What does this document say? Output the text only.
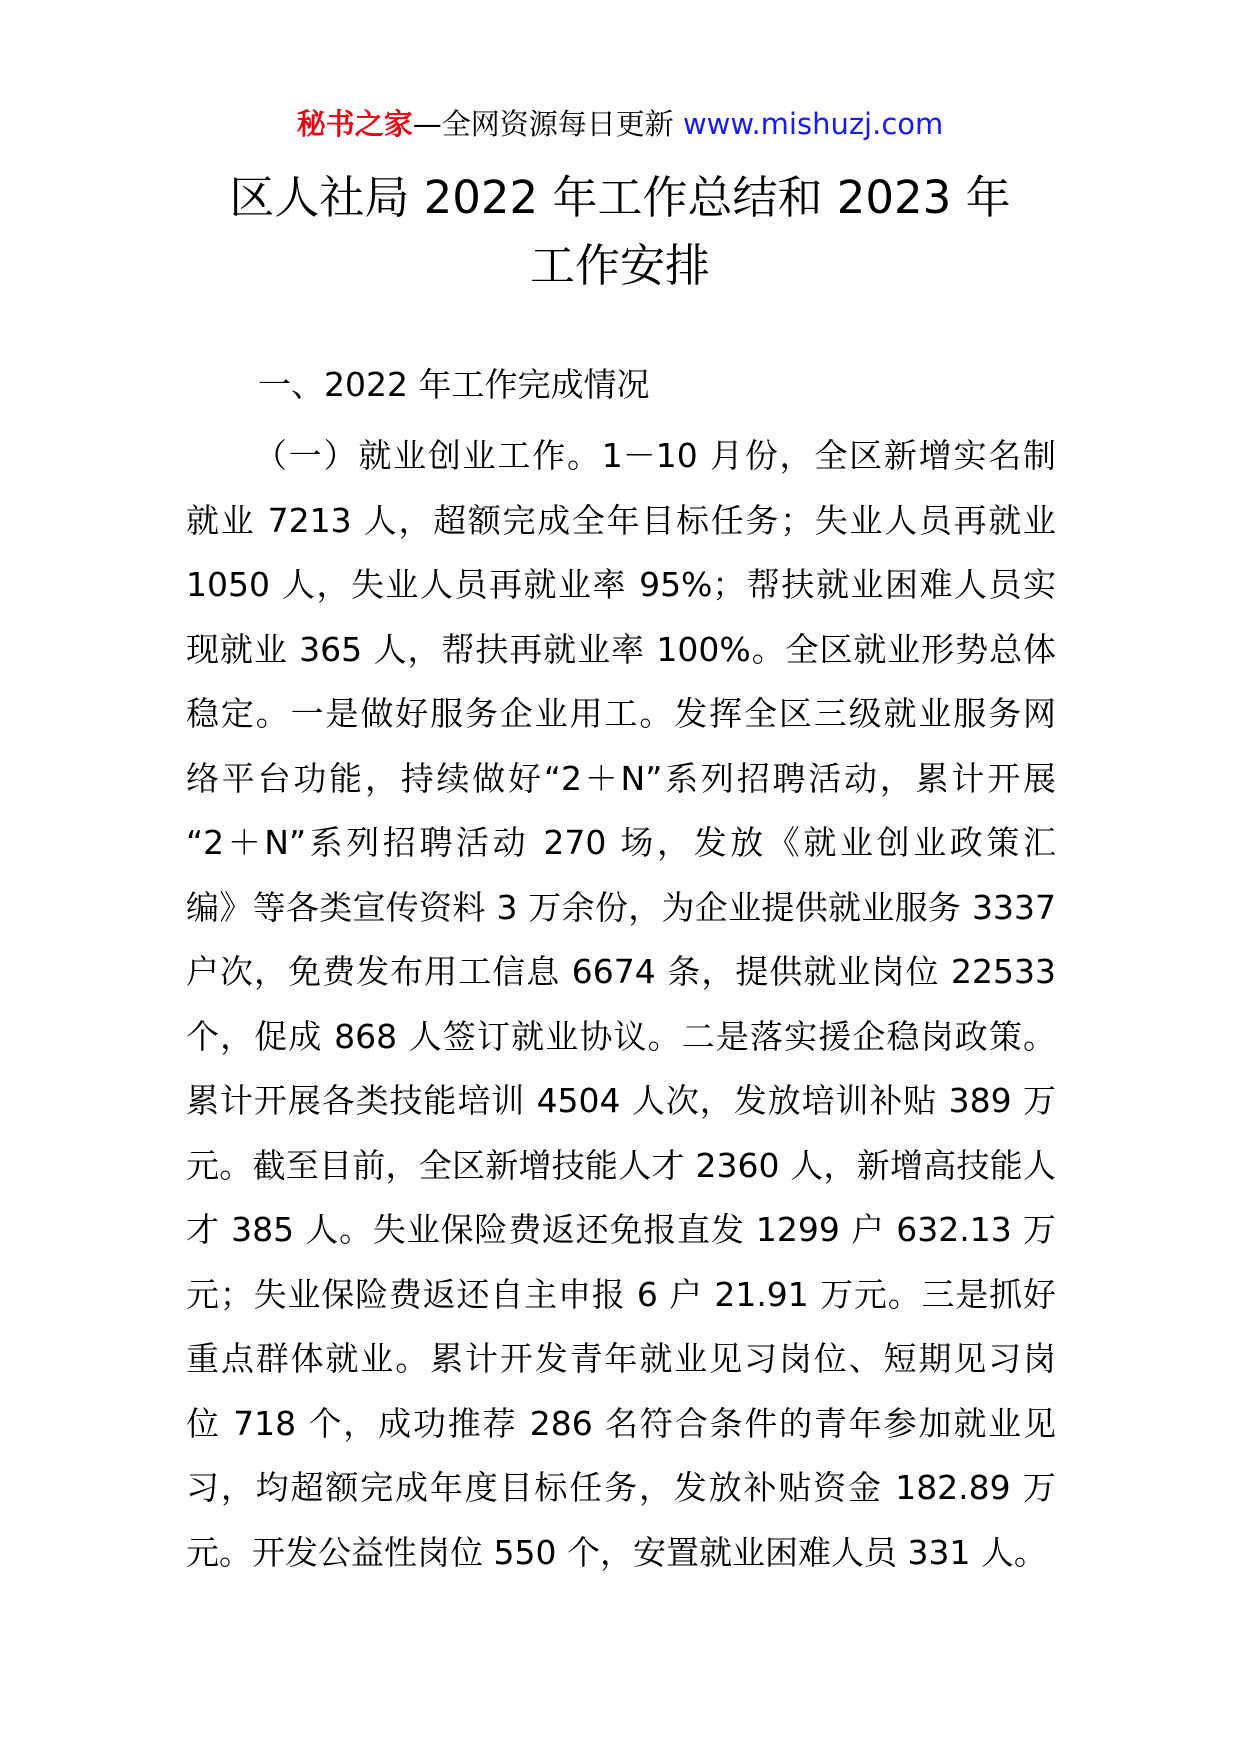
秘书之家—全网资源每日更新 www.mishuzj.com
区人社局 2022 年工作总结和 2023 年
工作安排
一、2022 年工作完成情况
（一）就业创业工作。1－10 月份，全区新增实名制
就业 7213 人，超额完成全年目标任务；失业人员再就业
1050 人，失业人员再就业率 95%；帮扶就业困难人员实
现就业 365 人，帮扶再就业率 100%。全区就业形势总体
稳定。一是做好服务企业用工。发挥全区三级就业服务网
络平台功能，持续做好“2＋N”系列招聘活动，累计开展
“2＋N”系列招聘活动 270 场，发放《就业创业政策汇
编》等各类宣传资料 3 万余份，为企业提供就业服务 3337
户次，免费发布用工信息 6674 条，提供就业岗位 22533
个，促成 868 人签订就业协议。二是落实援企稳岗政策。
累计开展各类技能培训 4504 人次，发放培训补贴 389 万
元。截至目前，全区新增技能人才 2360 人，新增高技能人
才 385 人。失业保险费返还免报直发 1299 户 632.13 万
元；失业保险费返还自主申报 6 户 21.91 万元。三是抓好
重点群体就业。累计开发青年就业见习岗位、短期见习岗
位 718 个，成功推荐 286 名符合条件的青年参加就业见
习，均超额完成年度目标任务，发放补贴资金 182.89 万
元。开发公益性岗位 550 个，安置就业困难人员 331 人。
